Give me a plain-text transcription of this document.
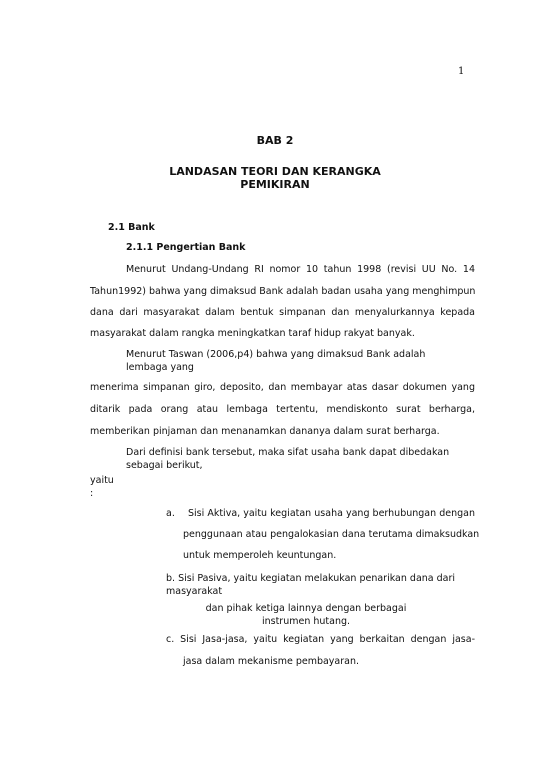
1
BAB 2
LANDASAN TEORI DAN KERANGKA
PEMIKIRAN
2.1 Bank
2.1.1 Pengertian Bank
Menurut Undang-Undang RI nomor 10 tahun 1998 (revisi UU No. 14
Tahun1992) bahwa yang dimaksud Bank adalah badan usaha yang menghimpun
dana dari masyarakat dalam bentuk simpanan dan menyalurkannya kepada
masyarakat dalam rangka meningkatkan taraf hidup rakyat banyak.
Menurut Taswan (2006,p4) bahwa yang dimaksud Bank adalah lembaga yang
menerima simpanan giro, deposito, dan membayar atas dasar dokumen yang
ditarik pada orang atau lembaga tertentu, mendiskonto surat berharga,
memberikan pinjaman dan menanamkan dananya dalam surat berharga.
Dari definisi bank tersebut, maka sifat usaha bank dapat dibedakan sebagai berikut,
yaitu :
a. Sisi Aktiva, yaitu kegiatan usaha yang berhubungan dengan
penggunaan atau pengalokasian dana terutama dimaksudkan
untuk memperoleh keuntungan.
b. Sisi Pasiva, yaitu kegiatan melakukan penarikan dana dari masyarakat
dan pihak ketiga lainnya dengan berbagai instrumen hutang.
c. Sisi Jasa-jasa, yaitu kegiatan yang berkaitan dengan jasa-
jasa dalam mekanisme pembayaran.
